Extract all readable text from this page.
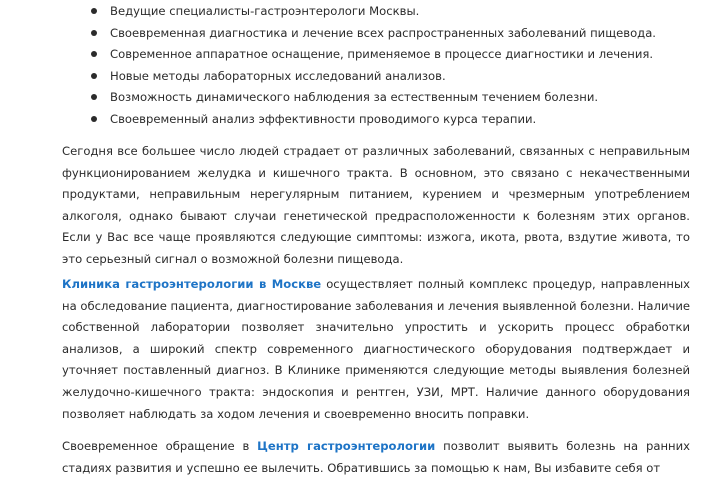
Ведущие специалисты-гастроэнтерологи Москвы.
Своевременная диагностика и лечение всех распространенных заболеваний пищевода.
Современное аппаратное оснащение, применяемое в процессе диагностики и лечения.
Новые методы лабораторных исследований анализов.
Возможность динамического наблюдения за естественным течением болезни.
Своевременный анализ эффективности проводимого курса терапии.

Сегодня все большее число людей страдает от различных заболеваний, связанных с неправильным функционированием желудка и кишечного тракта. В основном, это связано с некачественными продуктами, неправильным нерегулярным питанием, курением и чрезмерным употреблением алкоголя, однако бывают случаи генетической предрасположенности к болезням этих органов. Если у Вас все чаще проявляются следующие симптомы: изжога, икота, рвота, вздутие живота, то это серьезный сигнал о возможной болезни пищевода.

Клиника гастроэнтерологии в Москве осуществляет полный комплекс процедур, направленных на обследование пациента, диагностирование заболевания и лечения выявленной болезни. Наличие собственной лаборатории позволяет значительно упростить и ускорить процесс обработки анализов, а широкий спектр современного диагностического оборудования подтверждает и уточняет поставленный диагноз. В Клинике применяются следующие методы выявления болезней желудочно-кишечного тракта: эндоскопия и рентген, УЗИ, МРТ. Наличие данного оборудования позволяет наблюдать за ходом лечения и своевременно вносить поправки.

Своевременное обращение в Центр гастроэнтерологии позволит выявить болезнь на ранних стадиях развития и успешно ее вылечить. Обратившись за помощью к нам, Вы избавите себя от
